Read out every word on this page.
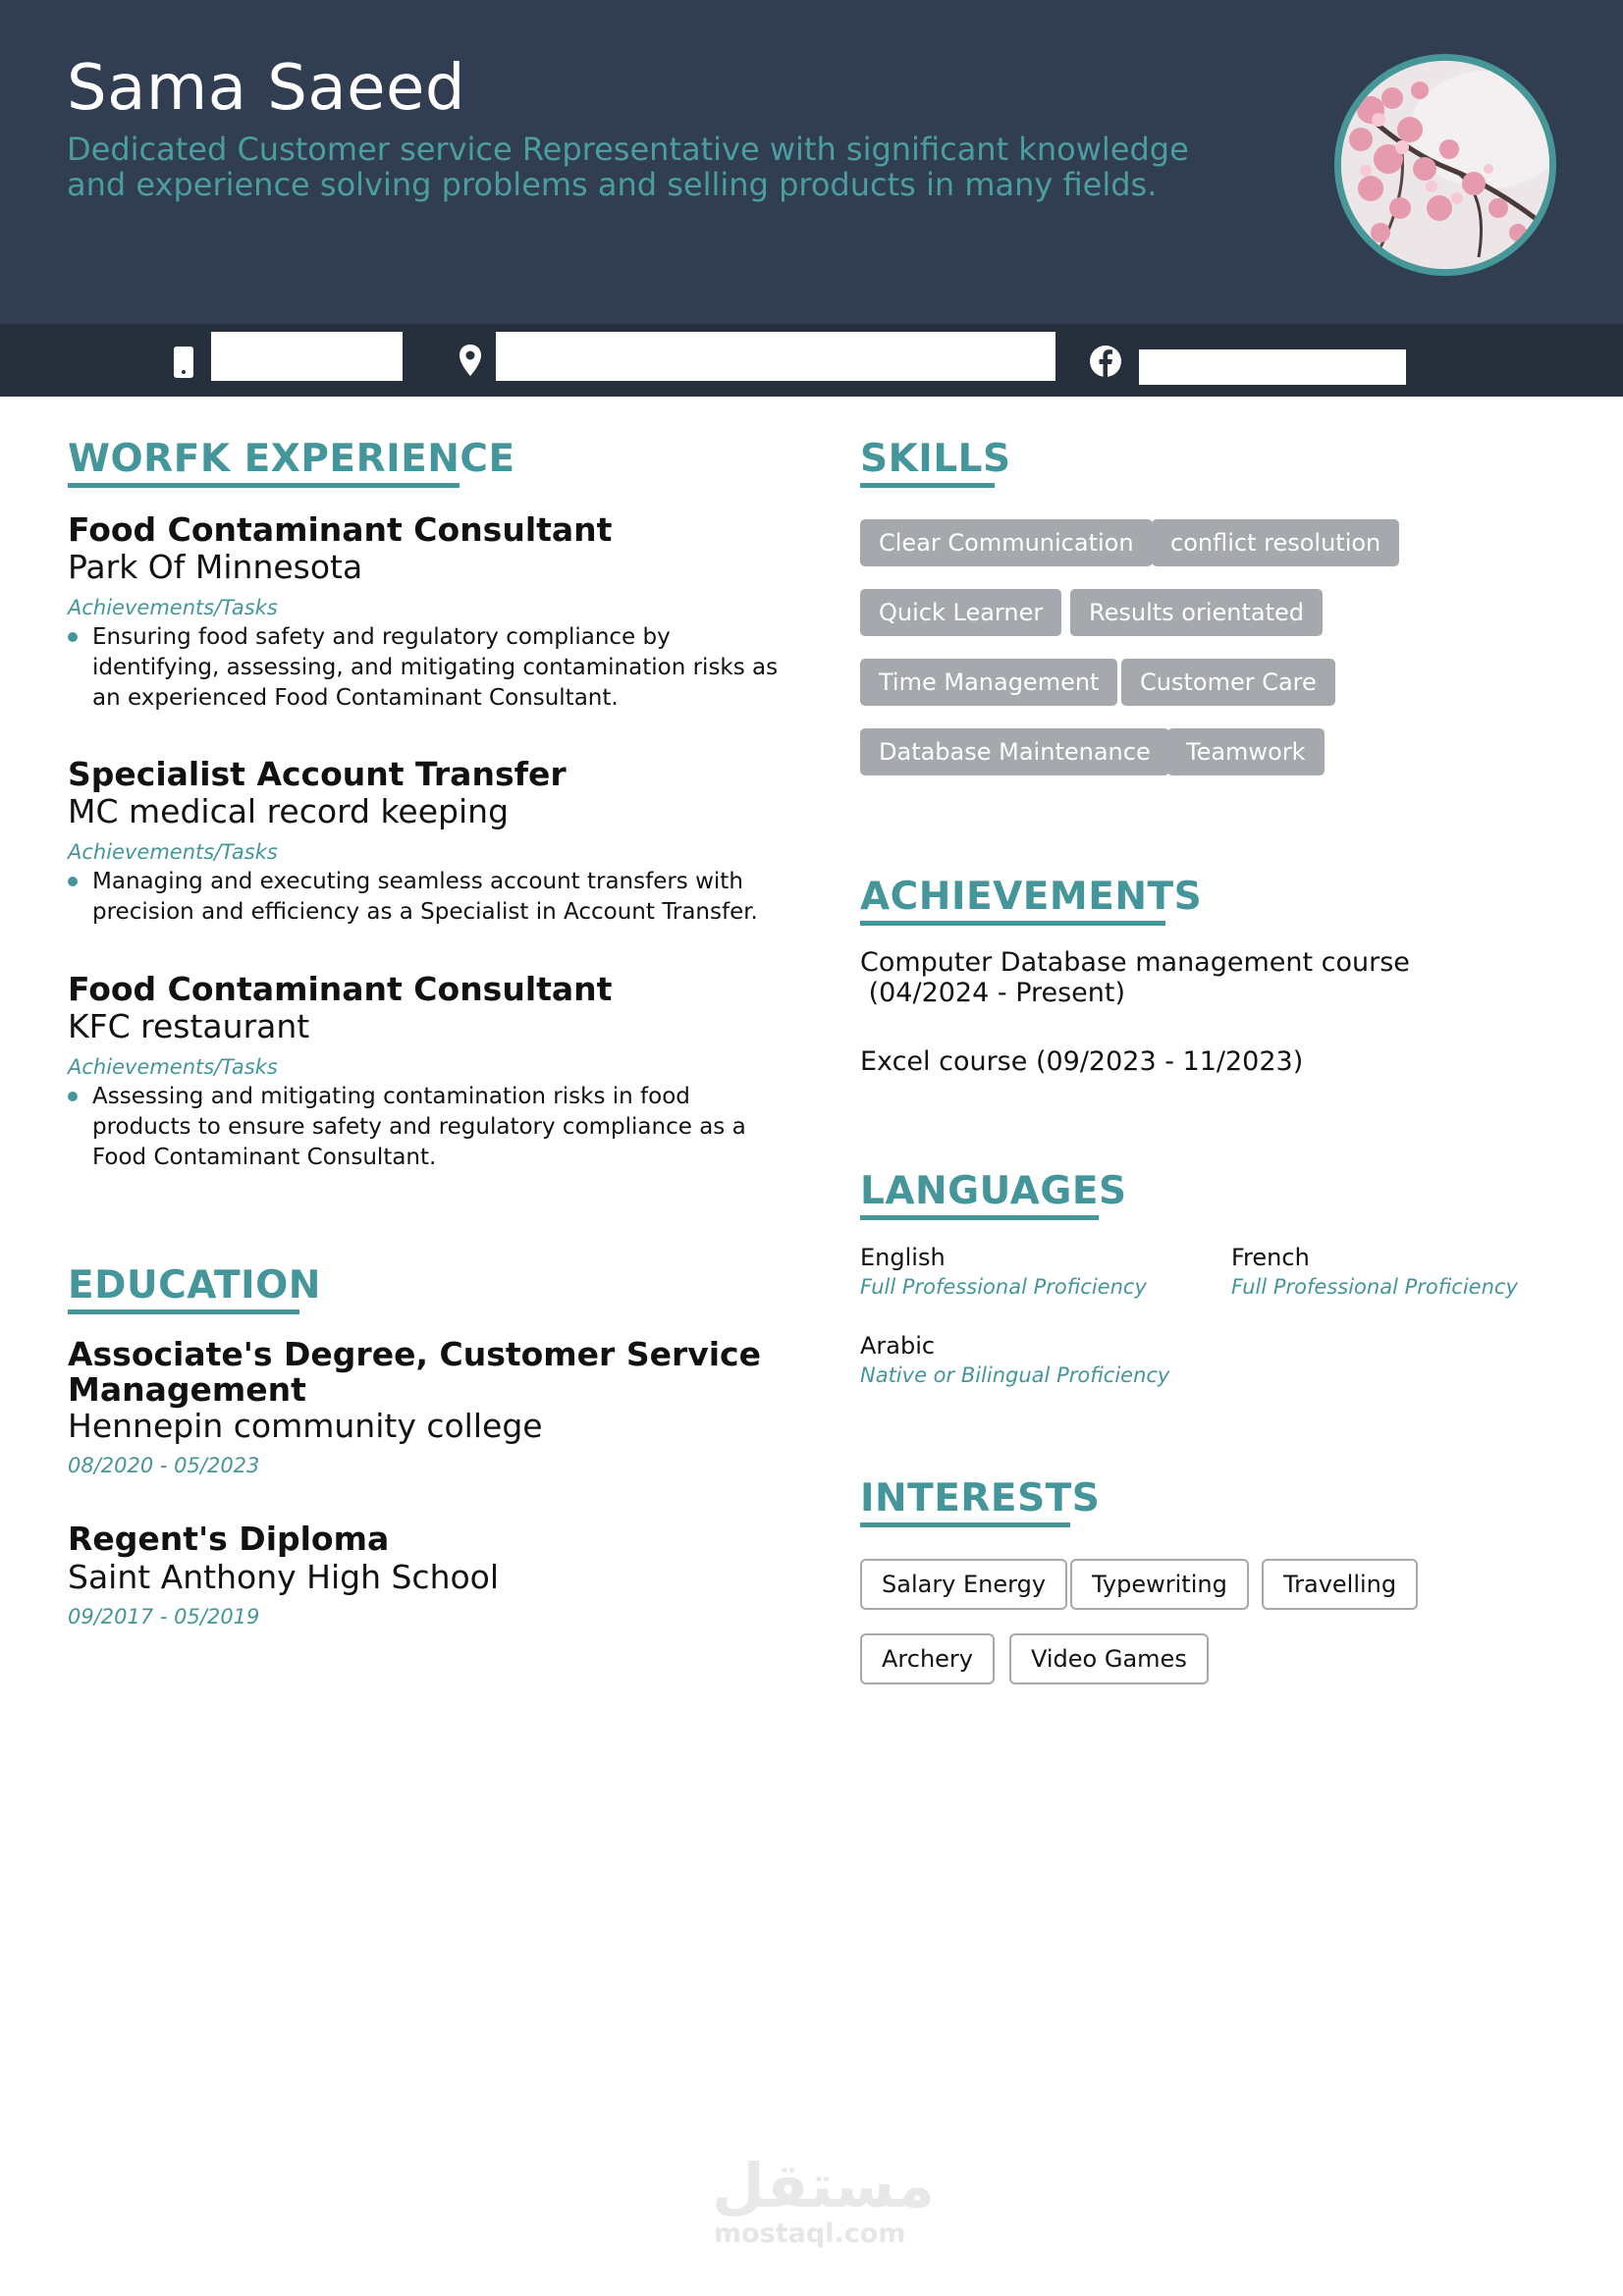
Sama Saeed
Dedicated Customer service Representative with significant knowledge and experience solving problems and selling products in many fields.
WORFK EXPERIENCE
Food Contaminant Consultant
Park Of Minnesota
Achievements/Tasks
Ensuring food safety and regulatory compliance by identifying, assessing, and mitigating contamination risks as an experienced Food Contaminant Consultant.
Specialist Account Transfer
MC medical record keeping
Achievements/Tasks
Managing and executing seamless account transfers with precision and efficiency as a Specialist in Account Transfer.
Food Contaminant Consultant
KFC restaurant
Achievements/Tasks
Assessing and mitigating contamination risks in food products to ensure safety and regulatory compliance as a Food Contaminant Consultant.
EDUCATION
Associate's Degree, Customer Service Management
Hennepin community college
08/2020 - 05/2023
Regent's Diploma
Saint Anthony High School
09/2017 - 05/2019
SKILLS
Clear Communication	conflict resolution
Quick Learner	Results orientated
Time Management	Customer Care
Database Maintenance	Teamwork
ACHIEVEMENTS
Computer Database management course
(04/2024 - Present)
Excel course (09/2023 - 11/2023)
LANGUAGES
English
Full Professional Proficiency
French
Full Professional Proficiency
Arabic
Native or Bilingual Proficiency
INTERESTS
Salary Energy	Typewriting	Travelling
Archery	Video Games
مستقل
mostaql.com
